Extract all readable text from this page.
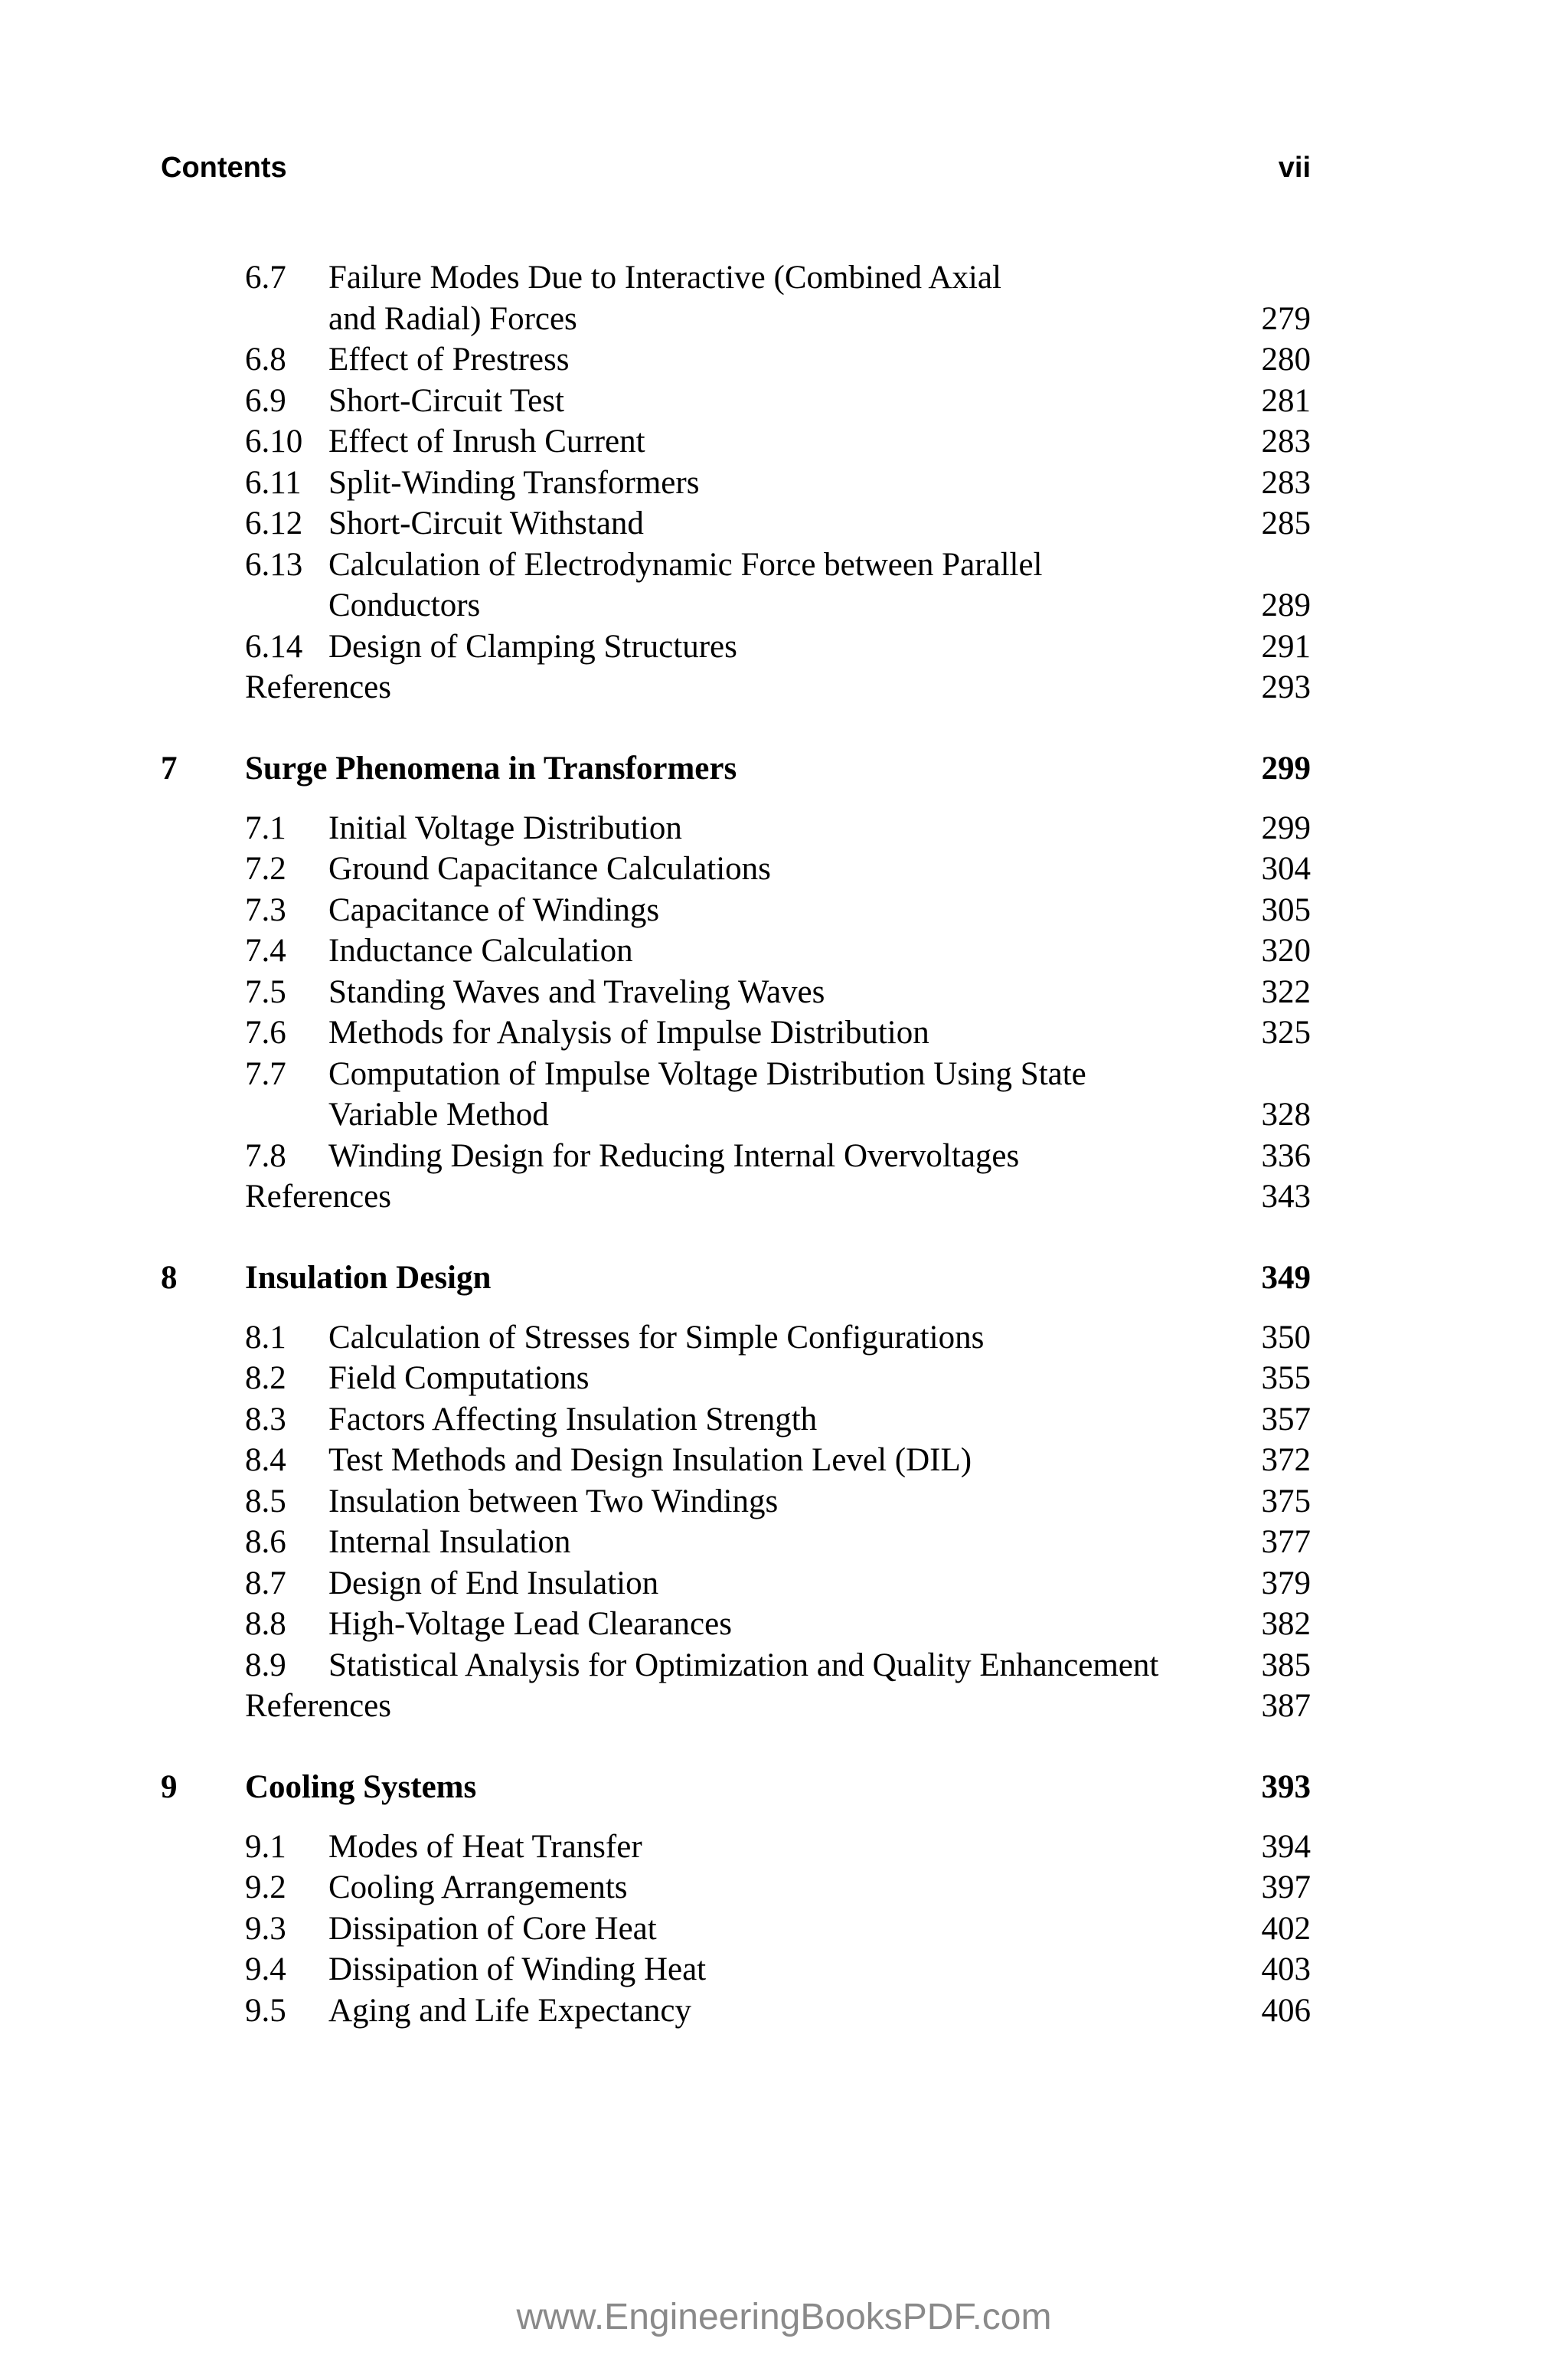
Contents	vii
6.7 Failure Modes Due to Interactive (Combined Axial
and Radial) Forces	279
6.8 Effect of Prestress	280
6.9 Short-Circuit Test	281
6.10 Effect of Inrush Current	283
6.11 Split-Winding Transformers	283
6.12 Short-Circuit Withstand	285
6.13 Calculation of Electrodynamic Force between Parallel
Conductors	289
6.14 Design of Clamping Structures	291
References	293
7 Surge Phenomena in Transformers	299
7.1 Initial Voltage Distribution	299
7.2 Ground Capacitance Calculations	304
7.3 Capacitance of Windings	305
7.4 Inductance Calculation	320
7.5 Standing Waves and Traveling Waves	322
7.6 Methods for Analysis of Impulse Distribution	325
7.7 Computation of Impulse Voltage Distribution Using State
Variable Method	328
7.8 Winding Design for Reducing Internal Overvoltages	336
References	343
8 Insulation Design	349
8.1 Calculation of Stresses for Simple Configurations	350
8.2 Field Computations	355
8.3 Factors Affecting Insulation Strength	357
8.4 Test Methods and Design Insulation Level (DIL)	372
8.5 Insulation between Two Windings	375
8.6 Internal Insulation	377
8.7 Design of End Insulation	379
8.8 High-Voltage Lead Clearances	382
8.9 Statistical Analysis for Optimization and Quality Enhancement	385
References	387
9 Cooling Systems	393
9.1 Modes of Heat Transfer	394
9.2 Cooling Arrangements	397
9.3 Dissipation of Core Heat	402
9.4 Dissipation of Winding Heat	403
9.5 Aging and Life Expectancy	406
www.EngineeringBooksPDF.com
